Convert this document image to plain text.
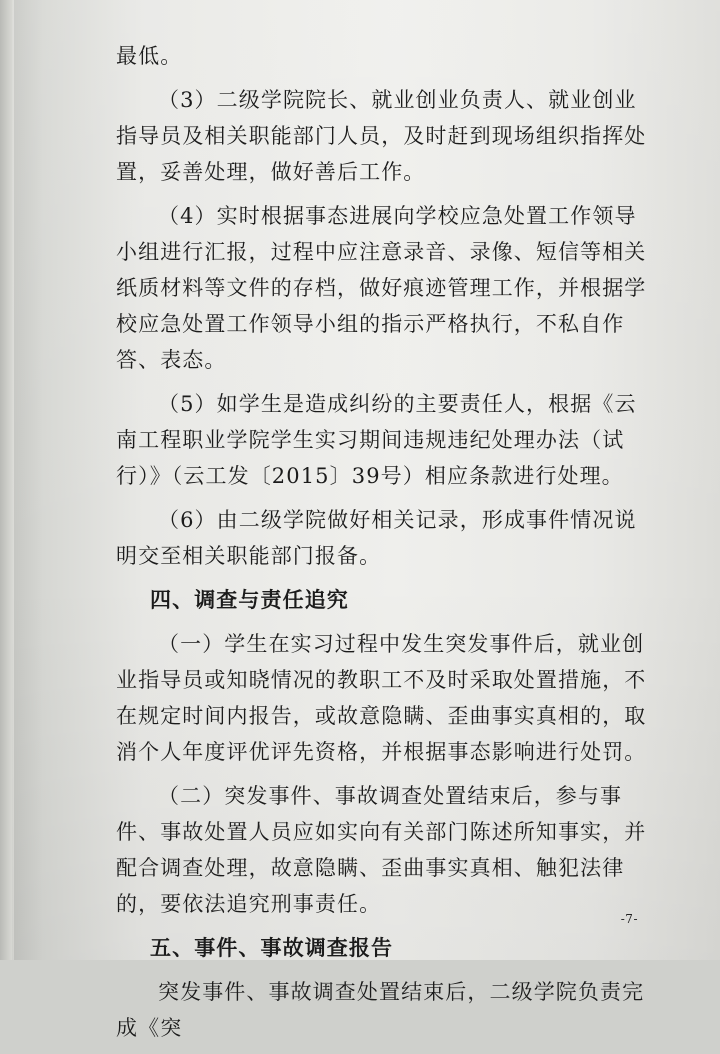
最低。

（3）二级学院院长、就业创业负责人、就业创业指导员及相关职能部门人员，及时赶到现场组织指挥处置，妥善处理，做好善后工作。

（4）实时根据事态进展向学校应急处置工作领导小组进行汇报，过程中应注意录音、录像、短信等相关纸质材料等文件的存档，做好痕迹管理工作，并根据学校应急处置工作领导小组的指示严格执行，不私自作答、表态。

（5）如学生是造成纠纷的主要责任人，根据《云南工程职业学院学生实习期间违规违纪处理办法（试行）》（云工发〔2015〕39号）相应条款进行处理。

（6）由二级学院做好相关记录，形成事件情况说明交至相关职能部门报备。

四、调查与责任追究

（一）学生在实习过程中发生突发事件后，就业创业指导员或知晓情况的教职工不及时采取处置措施，不在规定时间内报告，或故意隐瞒、歪曲事实真相的，取消个人年度评优评先资格，并根据事态影响进行处罚。

（二）突发事件、事故调查处置结束后，参与事件、事故处置人员应如实向有关部门陈述所知事实，并配合调查处理，故意隐瞒、歪曲事实真相、触犯法律的，要依法追究刑事责任。

五、事件、事故调查报告

突发事件、事故调查处置结束后，二级学院负责完成《突

-7-
